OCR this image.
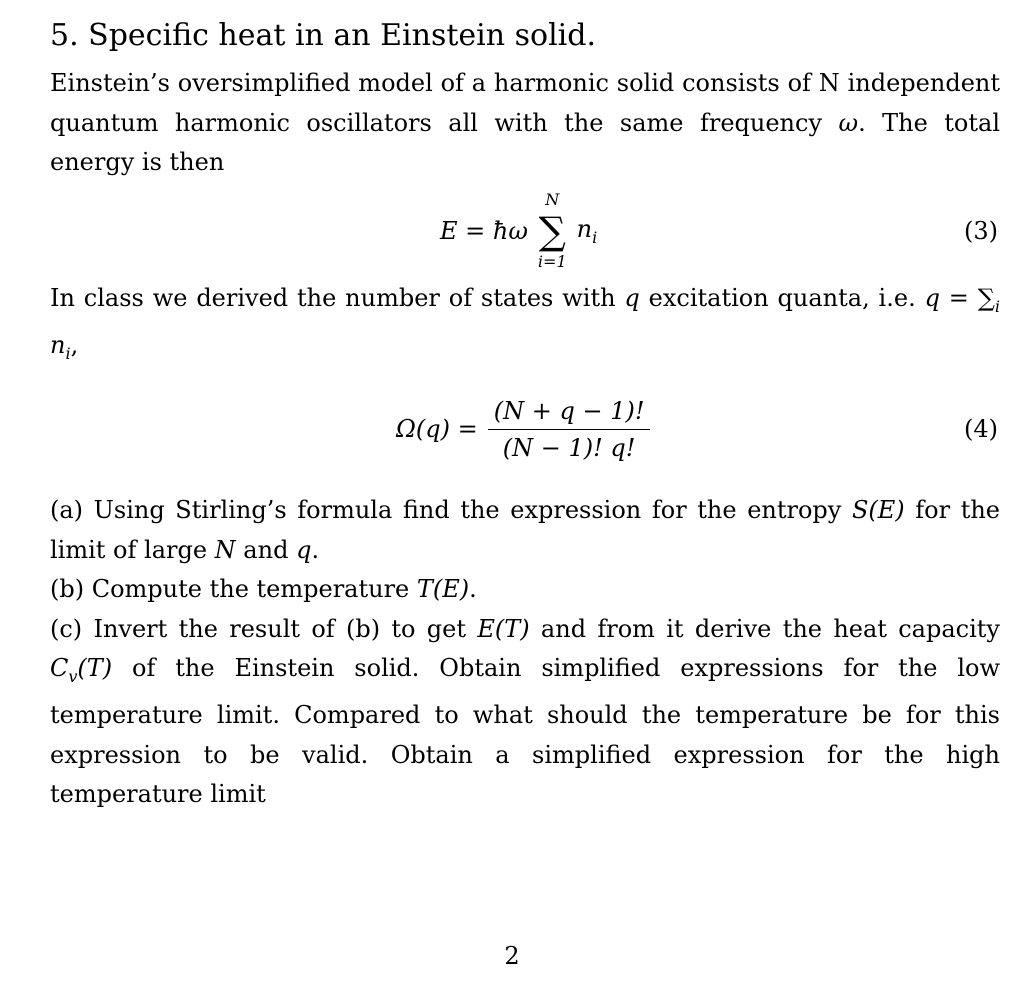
5. Specific heat in an Einstein solid.

Einstein’s oversimplified model of a harmonic solid consists of N independent quantum harmonic oscillators all with the same frequency ω. The total energy is then

E = ħω
N
∑
i=1
$n_i$	(3)

In class we derived the number of states with q excitation quanta, i.e. $q = \sum_i$ $n_i$,

$\Omega(q) = \frac{(N + q - 1)!}{(N - 1)! q!}$	(4)

(a) Using Stirling’s formula find the expression for the entropy S(E) for the limit of large N and q.

(b) Compute the temperature T(E).

(c) Invert the result of (b) to get E(T) and from it derive the heat capacity $C_v(T)$ of the Einstein solid. Obtain simplified expressions for the low temperature limit. Compared to what should the temperature be for this expression to be valid. Obtain a simplified expression for the high temperature limit

2
